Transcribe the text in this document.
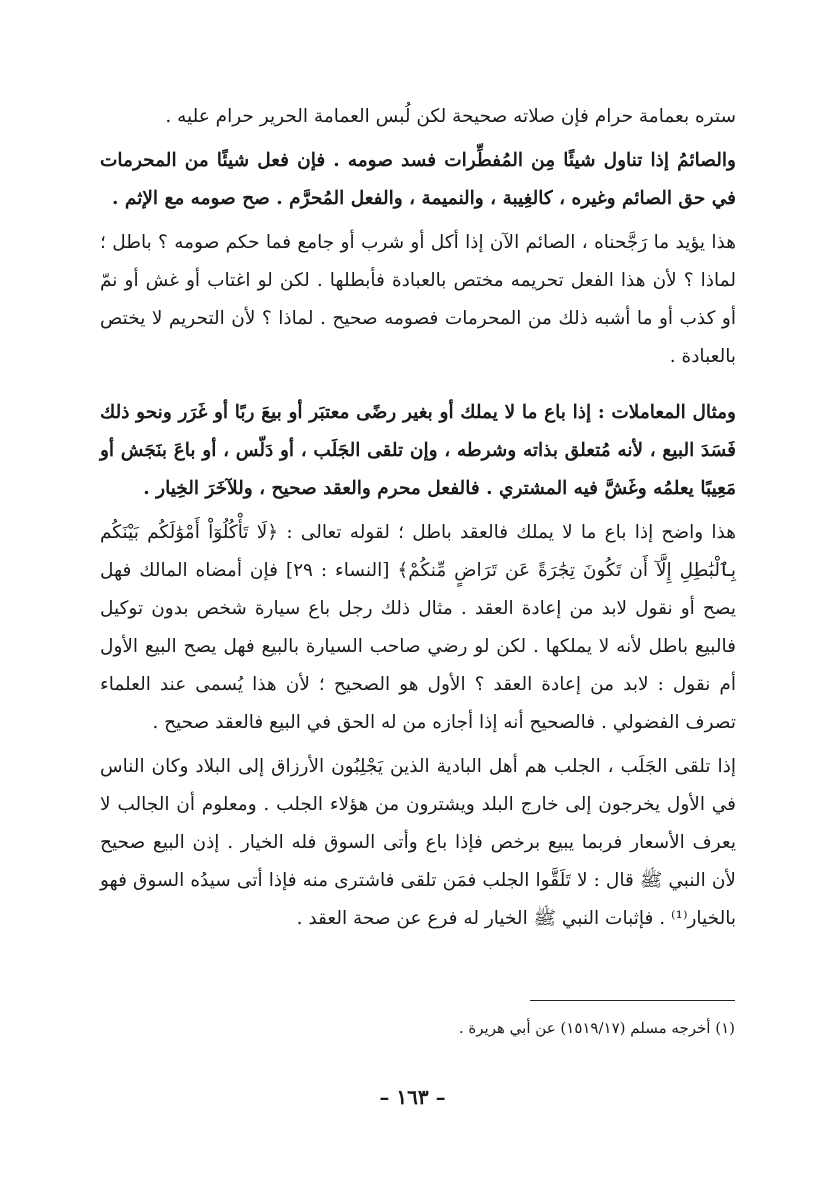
ستره بعمامة حرام فإن صلاته صحيحة لكن لُبس العمامة الحرير حرام عليه .

والصائمُ إذا تناول شيئًا مِن المُفطِّرات فسد صومه . فإن فعل شيئًا من المحرمات في حق الصائم وغيره ، كالغِيبة ، والنميمة ، والفعل المُحرَّم . صح صومه مع الإثم .

هذا يؤيد ما رَجَّحناه ، الصائم الآن إذا أكل أو شرب أو جامع فما حكم صومه ؟ باطل ؛ لماذا ؟ لأن هذا الفعل تحريمه مختص بالعبادة فأبطلها . لكن لو اغتاب أو غش أو نمّ أو كذب أو ما أشبه ذلك من المحرمات فصومه صحيح . لماذا ؟ لأن التحريم لا يختص بالعبادة .

ومثال المعاملات : إذا باع ما لا يملك أو بغير رضًى معتبَر أو بيعَ ربًا أو غَرَر ونحو ذلك فَسَدَ البيع ، لأنه مُتعلق بذاته وشرطه ، وإن تلقى الجَلَب ، أو دَلّس ، أو باعَ بنَجَش أو مَعِيبًا يعلمُه وغَشَّ فيه المشتري . فالفعل محرم والعقد صحيح ، وللآخَرَ الخِيار .

هذا واضح إذا باع ما لا يملك فالعقد باطل ؛ لقوله تعالى : ﴿لَا تَأْكُلُوٓاْ أَمْوَٰلَكُم بَيْنَكُم بِٱلْبَٰطِلِ إِلَّآ أَن تَكُونَ تِجَٰرَةً عَن تَرَاضٍ مِّنكُمْ﴾ [النساء : ٢٩] فإن أمضاه المالك فهل يصح أو نقول لابد من إعادة العقد . مثال ذلك رجل باع سيارة شخص بدون توكيل فالبيع باطل لأنه لا يملكها . لكن لو رضي صاحب السيارة بالبيع فهل يصح البيع الأول أم نقول : لابد من إعادة العقد ؟ الأول هو الصحيح ؛ لأن هذا يُسمى عند العلماء تصرف الفضولي . فالصحيح أنه إذا أجازه من له الحق في البيع فالعقد صحيح .

إذا تلقى الجَلَب ، الجلب هم أهل البادية الذين يَجْلِبُون الأرزاق إلى البلاد وكان الناس في الأول يخرجون إلى خارج البلد ويشترون من هؤلاء الجلب . ومعلوم أن الجالب لا يعرف الأسعار فربما يبيع برخص فإذا باع وأتى السوق فله الخيار . إذن البيع صحيح لأن النبي ﷺ قال : لا تَلَقَّوا الجلب فمَن تلقى فاشترى منه فإذا أتى سيدُه السوق فهو بالخيار⁽¹⁾ . فإثبات النبي ﷺ الخيار له فرع عن صحة العقد .

(١) أخرجه مسلم (١٥١٩/١٧) عن أبي هريرة .
– ١٦٣ –
